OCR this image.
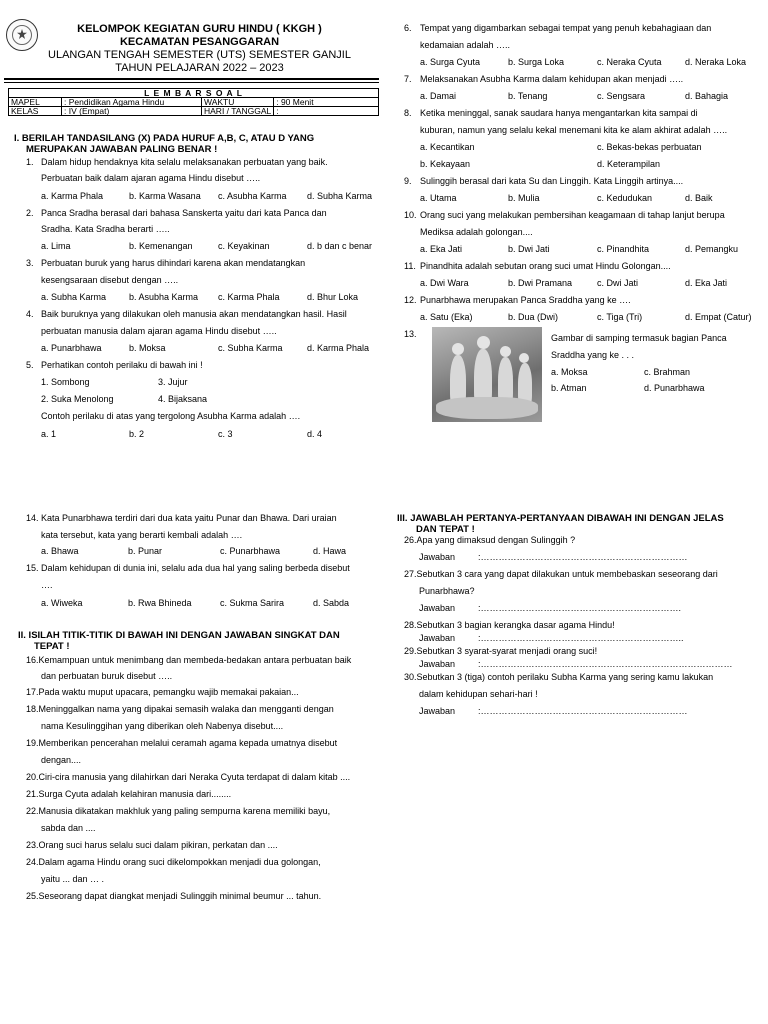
KELOMPOK KEGIATAN GURU HINDU ( KKGH )
KECAMATAN PESANGGARAN
ULANGAN TENGAH SEMESTER (UTS) SEMESTER GANJIL
TAHUN PELAJARAN 2022 – 2023
L E M B A R S O A L			
MAPEL	: Pendidikan Agama Hindu	WAKTU	: 90 Menit
KELAS	: IV (Empat)	HARI / TANGGAL	:
I. BERILAH TANDASILANG (X) PADA HURUF A,B, C, ATAU D YANG
MERUPAKAN JAWABAN PALING BENAR !
1. Dalam hidup hendaknya kita selalu melaksanakan perbuatan yang baik.
Perbuatan baik dalam ajaran agama Hindu disebut …..
a. Karma Phala	b. Karma Wasana c. Asubha Karma d. Subha Karma
2. Panca Sradha berasal dari bahasa Sanskerta yaitu dari kata Panca dan
Sradha. Kata Sradha berarti …..
a. Lima	b. Kemenangan	c. Keyakinan	d. b dan c benar
3. Perbuatan buruk yang harus dihindari karena akan mendatangkan
kesengsaraan disebut dengan …..
a. Subha Karma	b. Asubha Karma c. Karma Phala	d. Bhur Loka
4. Baik buruknya yang dilakukan oleh manusia akan mendatangkan hasil. Hasil
perbuatan manusia dalam ajaran agama Hindu disebut …..
a. Punarbhawa	b. Moksa	c. Subha Karma	d. Karma Phala
5. Perhatikan contoh perilaku di bawah ini !
1. Sombong	3. Jujur
2. Suka Menolong	4. Bijaksana
Contoh perilaku di atas yang tergolong Asubha Karma adalah ….
a. 1	b. 2	c. 3	d. 4
6. Tempat yang digambarkan sebagai tempat yang penuh kebahagiaan dan
kedamaian adalah …..
a. Surga Cyuta	b. Surga Loka	c. Neraka Cyuta	d. Neraka Loka
7. Melaksanakan Asubha Karma dalam kehidupan akan menjadi …..
a. Damai	b. Tenang	c. Sengsara	d. Bahagia
8. Ketika meninggal, sanak saudara hanya mengantarkan kita sampai di
kuburan, namun yang selalu kekal menemani kita ke alam akhirat adalah …..
a. Kecantikan	c. Bekas-bekas perbuatan
b. Kekayaan	d. Keterampilan
9. Sulinggih berasal dari kata Su dan Linggih. Kata Linggih artinya....
a. Utama	b. Mulia	c. Kedudukan	d. Baik
10. Orang suci yang melakukan pembersihan keagamaan di tahap lanjut berupa
Mediksa adalah golongan....
a. Eka Jati	b. Dwi Jati	c. Pinandhita	d. Pemangku
11. Pinandhita adalah sebutan orang suci umat Hindu Golongan....
a. Dwi Wara	b. Dwi Pramana	c. Dwi Jati	d. Eka Jati
12. Punarbhawa merupakan Panca Sraddha yang ke ….
a. Satu (Eka)	b. Dua (Dwi)	c. Tiga (Tri)	d. Empat (Catur)
13.	Gambar di samping termasuk bagian Panca
Sraddha yang ke . . .
a. Moksa	c. Brahman
b. Atman	d. Punarbhawa
14. Kata Punarbhawa terdiri dari dua kata yaitu Punar dan Bhawa. Dari uraian
kata tersebut, kata yang berarti kembali adalah ….
a. Bhawa	b. Punar	c. Punarbhawa	d. Hawa
15. Dalam kehidupan di dunia ini, selalu ada dua hal yang saling berbeda disebut
….
a. Wiweka	b. Rwa Bhineda	c. Sukma Sarira	d. Sabda
II. ISILAH TITIK-TITIK DI BAWAH INI DENGAN JAWABAN SINGKAT DAN
TEPAT !
16.Kemampuan untuk menimbang dan membeda-bedakan antara perbuatan baik
dan perbuatan buruk disebut …..
17.Pada waktu muput upacara, pemangku wajib memakai pakaian...
18.Meninggalkan nama yang dipakai semasih walaka dan mengganti dengan
nama Kesulinggihan yang diberikan oleh Nabenya disebut....
19.Memberikan pencerahan melalui ceramah agama kepada umatnya disebut
dengan....
20.Ciri-cira manusia yang dilahirkan dari Neraka Cyuta terdapat di dalam kitab ....
21.Surga Cyuta adalah kelahiran manusia dari........
22.Manusia dikatakan makhluk yang paling sempurna karena memiliki bayu,
sabda dan ....
23.Orang suci harus selalu suci dalam pikiran, perkatan dan ....
24.Dalam agama Hindu orang suci dikelompokkan menjadi dua golongan,
yaitu ... dan … .
25.Seseorang dapat diangkat menjadi Sulinggih minimal beumur ... tahun.
III. JAWABLAH PERTANYA-PERTANYAAN DIBAWAH INI DENGAN JELAS
DAN TEPAT !
26.Apa yang dimaksud dengan Sulinggih ?
Jawaban	:……………………………………………………………
27.Sebutkan 3 cara yang dapat dilakukan untuk membebaskan seseorang dari
Punarbhawa?
Jawaban	:………………………………………………………….
28.Sebutkan 3 bagian kerangka dasar agama Hindu!
Jawaban	:…………………………………………………………..
29.Sebutkan 3 syarat-syarat menjadi orang suci!
Jawaban	:…………………………………………………………………………
30.Sebutkan 3 (tiga) contoh perilaku Subha Karma yang sering kamu lakukan
dalam kehidupan sehari-hari !
Jawaban	:……………………………………………………………
